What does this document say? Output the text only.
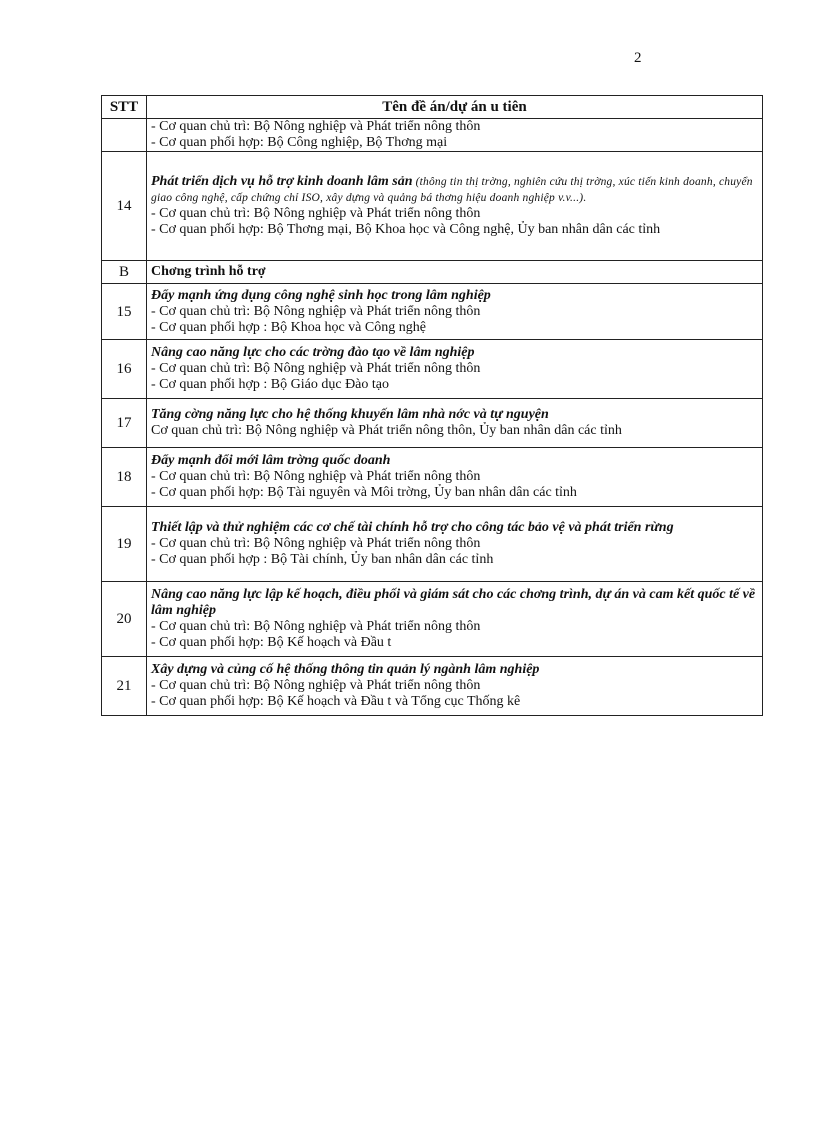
2
STT	Tên đề án/dự án u tiên

	- Cơ quan chủ trì: Bộ Nông nghiệp và Phát triển nông thôn
- Cơ quan phối hợp: Bộ Công nghiệp, Bộ Thơng mại

14	Phát triển dịch vụ hỗ trợ kinh doanh lâm sản (thông tin thị trờng, nghiên cứu thị trờng, xúc tiến kinh doanh, chuyển giao công nghệ, cấp chứng chỉ ISO, xây dựng và quảng bá thơng hiệu doanh nghiệp v.v...).
- Cơ quan chủ trì: Bộ Nông nghiệp và Phát triển nông thôn
- Cơ quan phối hợp: Bộ Thơng mại, Bộ Khoa học và Công nghệ, Ủy ban nhân dân các tỉnh

B	Chơng trình hỗ trợ
15	Đẩy mạnh ứng dụng công nghệ sinh học trong lâm nghiệp
- Cơ quan chủ trì: Bộ Nông nghiệp và Phát triển nông thôn
- Cơ quan phối hợp : Bộ Khoa học và Công nghệ

16	Nâng cao năng lực cho các trờng đào tạo về lâm nghiệp
- Cơ quan chủ trì: Bộ Nông nghiệp và Phát triển nông thôn
- Cơ quan phối hợp : Bộ Giáo dục Đào tạo

17	Tăng cờng năng lực cho hệ thống khuyến lâm nhà nớc và tự nguyện
Cơ quan chủ trì: Bộ Nông nghiệp và Phát triển nông thôn, Ủy ban nhân dân các tỉnh

18	Đẩy mạnh đổi mới lâm trờng quốc doanh
- Cơ quan chủ trì: Bộ Nông nghiệp và Phát triển nông thôn
- Cơ quan phối hợp: Bộ Tài nguyên và Môi trờng, Ủy ban nhân dân các tỉnh

19	Thiết lập và thử nghiệm các cơ chế tài chính hỗ trợ cho công tác bảo vệ và phát triển rừng
- Cơ quan chủ trì: Bộ Nông nghiệp và Phát triển nông thôn
- Cơ quan phối hợp : Bộ Tài chính, Ủy ban nhân dân các tỉnh

20	Nâng cao năng lực lập kế hoạch, điều phối và giám sát cho các chơng trình, dự án và cam kết quốc tế về lâm nghiệp
- Cơ quan chủ trì: Bộ Nông nghiệp và Phát triển nông thôn
- Cơ quan phối hợp: Bộ Kế hoạch và Đầu t

21	Xây dựng và củng cố hệ thống thông tin quản lý ngành lâm nghiệp
- Cơ quan chủ trì: Bộ Nông nghiệp và Phát triển nông thôn
- Cơ quan phối hợp: Bộ Kế hoạch và Đầu t và Tổng cục Thống kê
